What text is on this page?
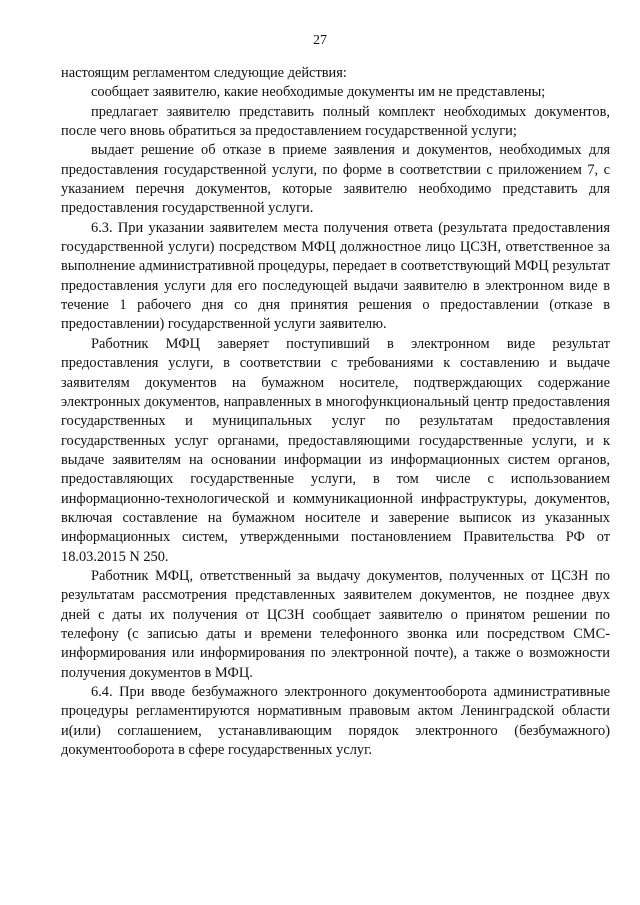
27

настоящим регламентом следующие действия:

сообщает заявителю, какие необходимые документы им не представлены;

предлагает заявителю представить полный комплект необходимых документов, после чего вновь обратиться за предоставлением государственной услуги;

выдает решение об отказе в приеме заявления и документов, необходимых для предоставления государственной услуги, по форме в соответствии с приложением 7, с указанием перечня документов, которые заявителю необходимо представить для предоставления государственной услуги.

6.3. При указании заявителем места получения ответа (результата предоставления государственной услуги) посредством МФЦ должностное лицо ЦСЗН, ответственное за выполнение административной процедуры, передает в соответствующий МФЦ результат предоставления услуги для его последующей выдачи заявителю в электронном виде в течение 1 рабочего дня со дня принятия решения о предоставлении (отказе в предоставлении) государственной услуги заявителю.

Работник МФЦ заверяет поступивший в электронном виде результат предоставления услуги, в соответствии с требованиями к составлению и выдаче заявителям документов на бумажном носителе, подтверждающих содержание электронных документов, направленных в многофункциональный центр предоставления государственных и муниципальных услуг по результатам предоставления государственных услуг органами, предоставляющими государственные услуги, и к выдаче заявителям на основании информации из информационных систем органов, предоставляющих государственные услуги, в том числе с использованием информационно-технологической и коммуникационной инфраструктуры, документов, включая составление на бумажном носителе и заверение выписок из указанных информационных систем, утвержденными постановлением Правительства РФ от 18.03.2015 N 250.

Работник МФЦ, ответственный за выдачу документов, полученных от ЦСЗН по результатам рассмотрения представленных заявителем документов, не позднее двух дней с даты их получения от ЦСЗН сообщает заявителю о принятом решении по телефону (с записью даты и времени телефонного звонка или посредством СМС-информирования или информирования по электронной почте), а также о возможности получения документов в МФЦ.

6.4. При вводе безбумажного электронного документооборота административные процедуры регламентируются нормативным правовым актом Ленинградской области и(или) соглашением, устанавливающим порядок электронного (безбумажного) документооборота в сфере государственных услуг.
